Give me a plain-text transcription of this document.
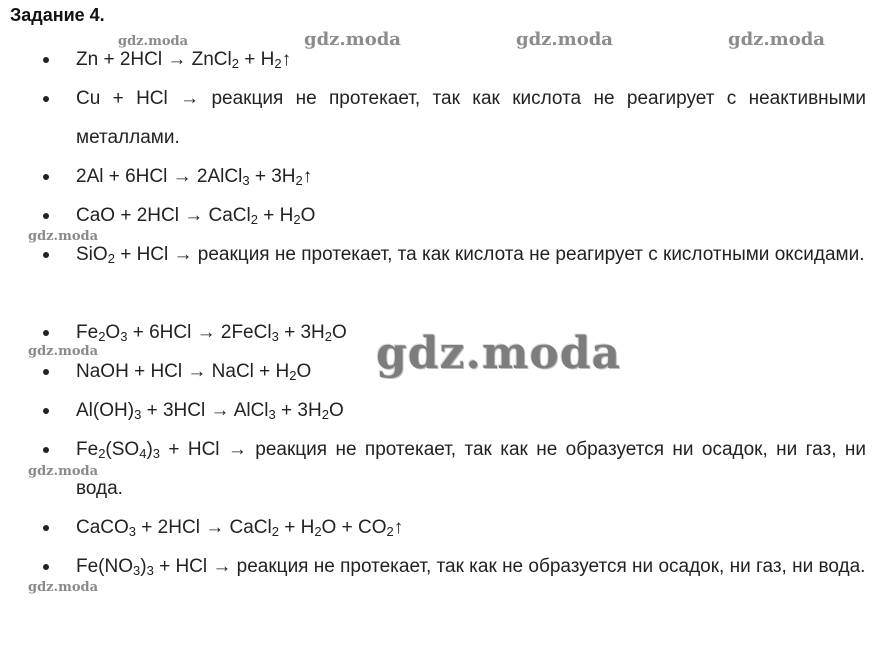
Задание 4.
gdz.moda	gdz.moda	gdz.moda	gdz.moda
gdz.moda
gdz.moda
gdz.moda
gdz.moda
Zn + 2HCl → ZnCl$_2$ + $H_2↑$
Cu + HCl → реакция не протекает, так как кислота не реагирует с неактивными металлами.
2Al + 6HCl → 2AlCl$_3$ + $3H_2↑$
CaO + 2HCl → CaCl$_2$ + $H_2O$
SiO$_2$ + HCl → реакция не протекает, та как кислота не реагирует с кислотными оксидами.
$Fe_2O_3 + 6HCl$ → 2FeCl$_3$ + $3H_2O$
NaOH + HCl → NaCl + $H_2O$
$Al(OH)_3 + 3HCl$ → AlCl$_3$ + $3H_2O$
$Fe_2(SO_4)_3$ + HCl → реакция не протекает, так как не образуется ни осадок, ни газ, ни вода.
CaCO$_3$ + 2HCl → CaCl$_2$ + $H_2O$ + $CO_2↑$
$Fe(NO_3)_3$ + HCl → реакция не протекает, так как не образуется ни осадок, ни газ, ни вода.
gdz.moda
